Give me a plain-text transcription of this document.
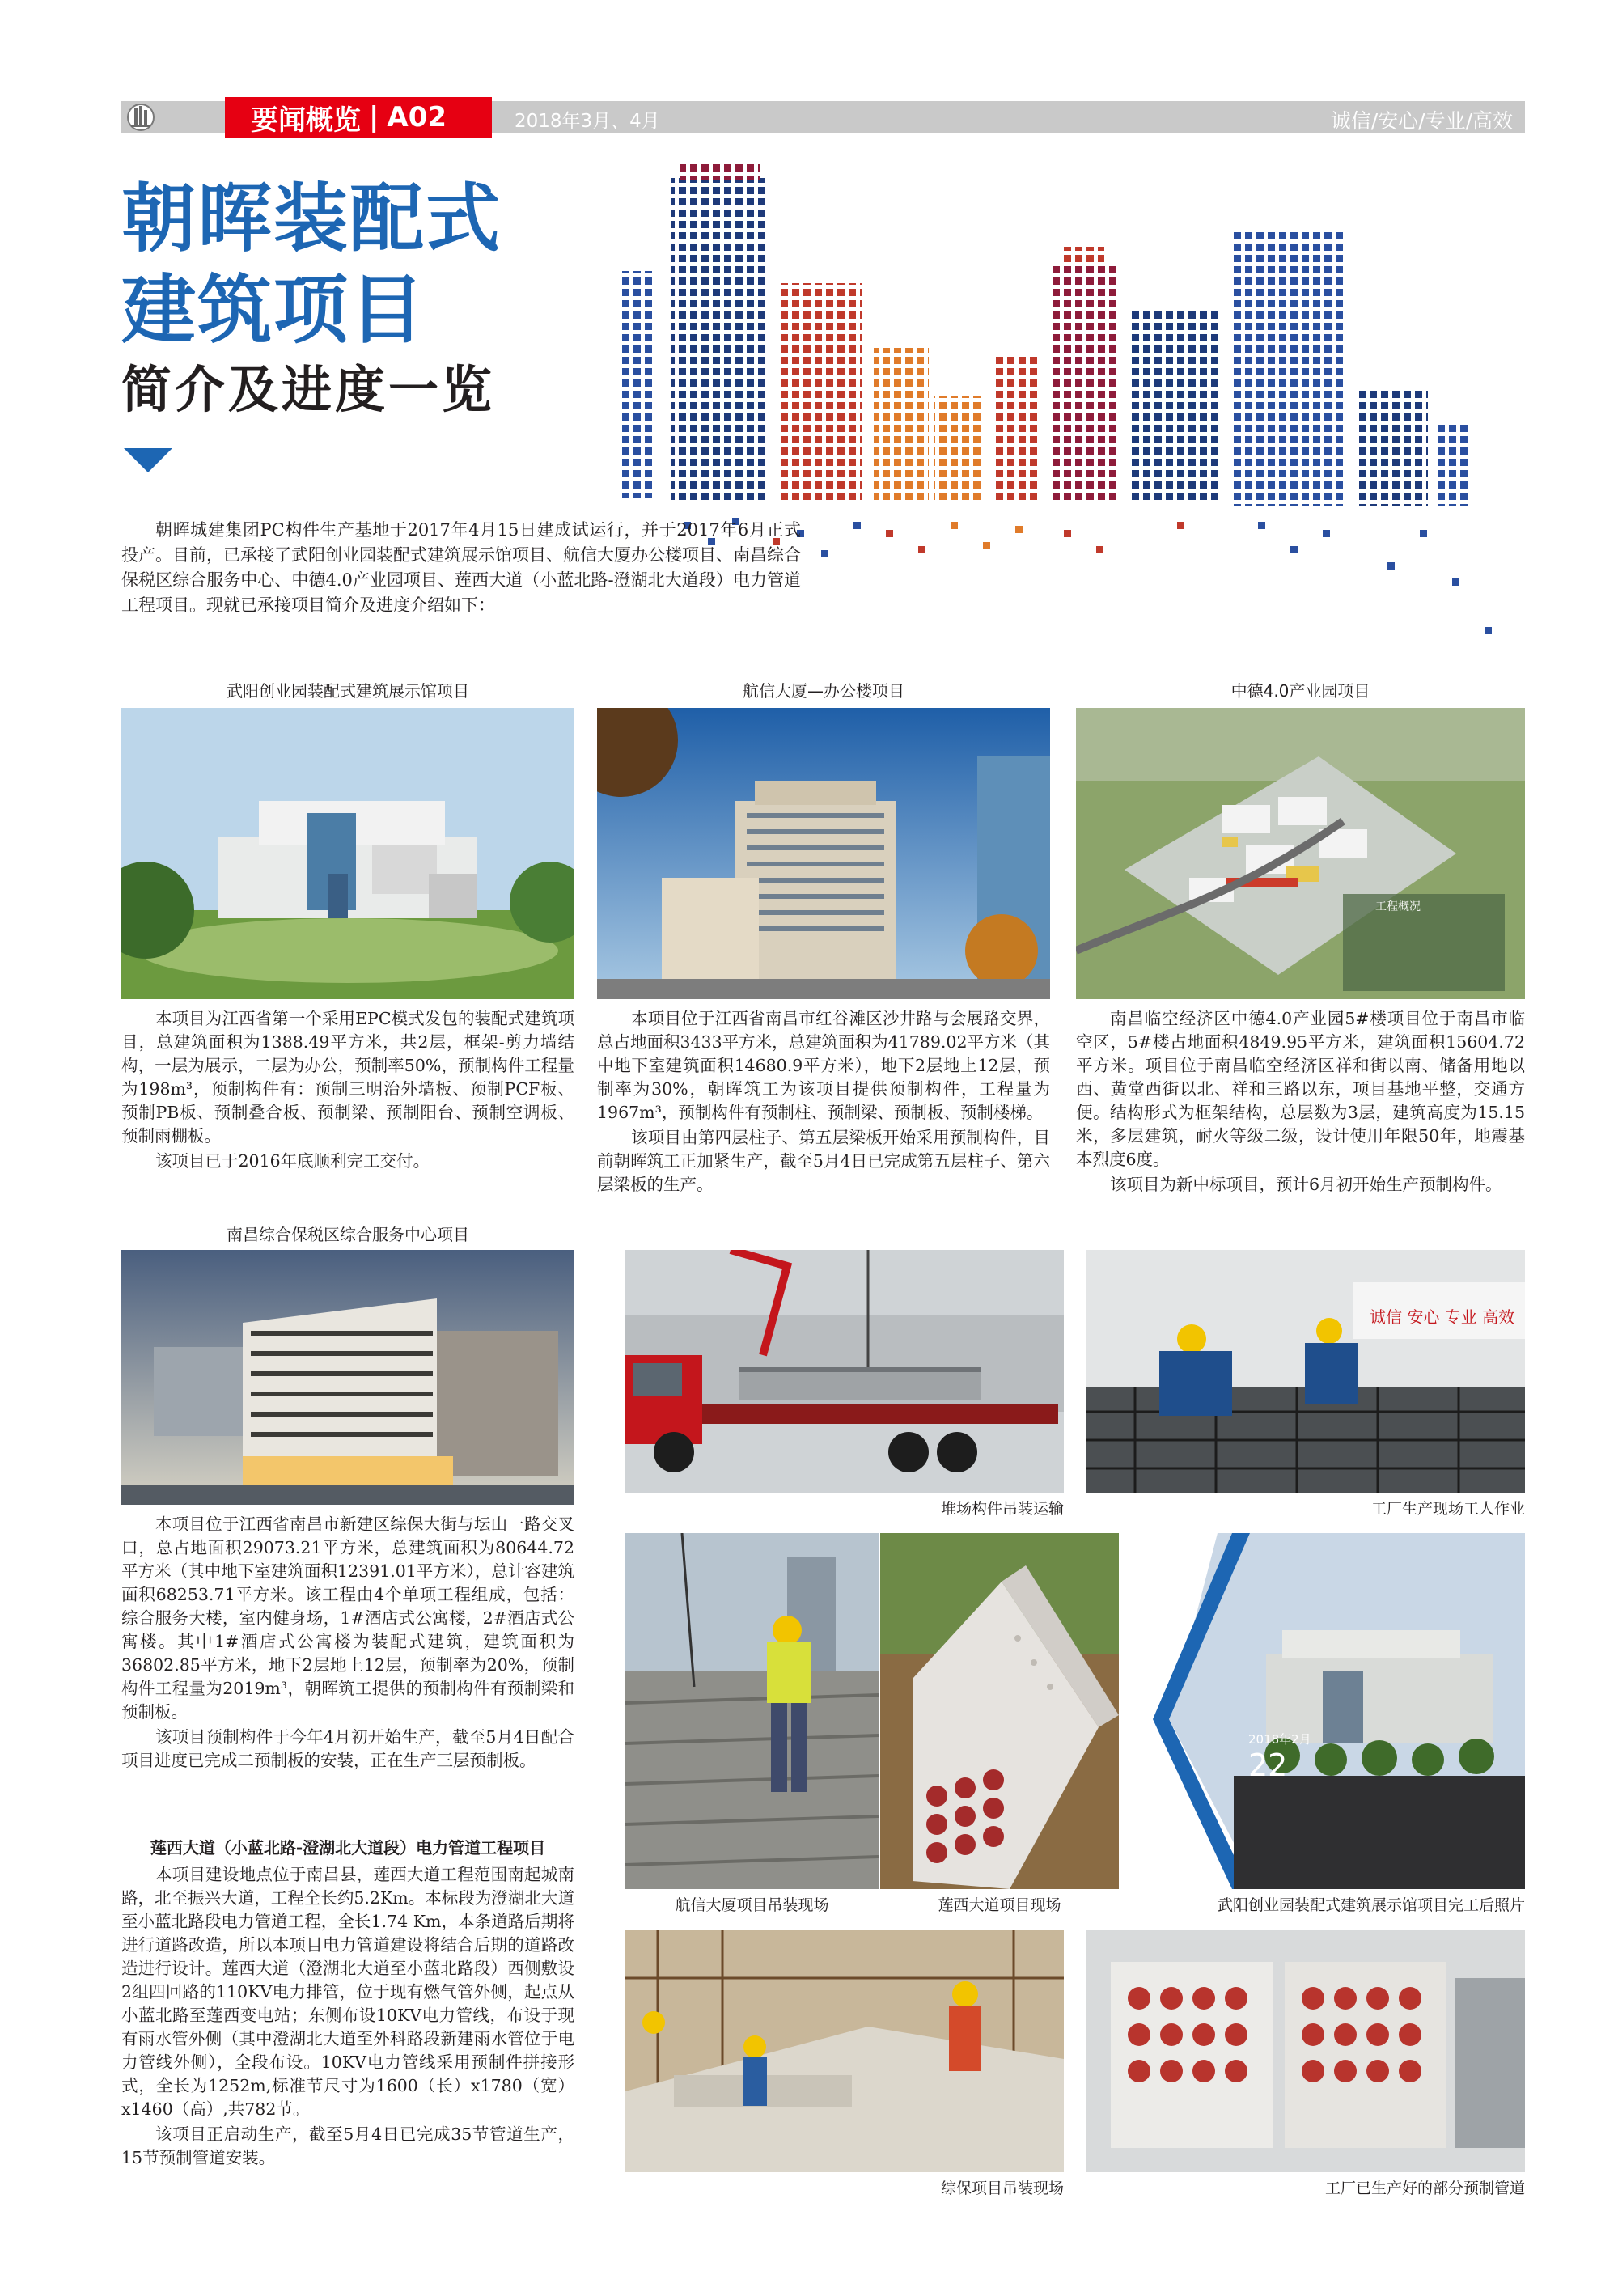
要闻概览 | A02	2018年3月、4月	诚信/安心/专业/高效
朝晖装配式
建筑项目
简介及进度一览

朝晖城建集团PC构件生产基地于2017年4月15日建成试运行，并于2017年6月正式投产。目前，已承接了武阳创业园装配式建筑展示馆项目、航信大厦办公楼项目、南昌综合保税区综合服务中心、中德4.0产业园项目、莲西大道（小蓝北路-澄湖北大道段）电力管道工程项目。现就已承接项目简介及进度介绍如下：

武阳创业园装配式建筑展示馆项目	航信大厦—办公楼项目	中德4.0产业园项目
工程概况

本项目为江西省第一个采用EPC模式发包的装配式建筑项目，总建筑面积为1388.49平方米，共2层，框架-剪力墙结构，一层为展示，二层为办公，预制率50%，预制构件工程量为198m³，预制构件有：预制三明治外墙板、预制PCF板、预制PB板、预制叠合板、预制梁、预制阳台、预制空调板、预制雨棚板。

该项目已于2016年底顺利完工交付。

本项目位于江西省南昌市红谷滩区沙井路与会展路交界，总占地面积3433平方米，总建筑面积为41789.02平方米（其中地下室建筑面积14680.9平方米），地下2层地上12层，预制率为30%，朝晖筑工为该项目提供预制构件，工程量为1967m³，预制构件有预制柱、预制梁、预制板、预制楼梯。

该项目由第四层柱子、第五层梁板开始采用预制构件，目前朝晖筑工正加紧生产，截至5月4日已完成第五层柱子、第六层梁板的生产。

南昌临空经济区中德4.0产业园5#楼项目位于南昌市临空区，5#楼占地面积4849.95平方米，建筑面积15604.72平方米。项目位于南昌临空经济区祥和街以南、储备用地以西、黄堂西街以北、祥和三路以东，项目基地平整，交通方便。结构形式为框架结构，总层数为3层，建筑高度为15.15米，多层建筑，耐火等级二级，设计使用年限50年，地震基本烈度6度。

该项目为新中标项目，预计6月初开始生产预制构件。

南昌综合保税区综合服务中心项目

本项目位于江西省南昌市新建区综保大街与坛山一路交叉口，总占地面积29073.21平方米，总建筑面积为80644.72平方米（其中地下室建筑面积12391.01平方米），总计容建筑面积68253.71平方米。该工程由4个单项工程组成，包括：综合服务大楼，室内健身场，1#酒店式公寓楼，2#酒店式公寓楼。其中1#酒店式公寓楼为装配式建筑，建筑面积为36802.85平方米，地下2层地上12层，预制率为20%，预制构件工程量为2019m³，朝晖筑工提供的预制构件有预制梁和预制板。

该项目预制构件于今年4月初开始生产，截至5月4日配合项目进度已完成二预制板的安装，正在生产三层预制板。

莲西大道（小蓝北路-澄湖北大道段）电力管道工程项目

本项目建设地点位于南昌县，莲西大道工程范围南起城南路，北至振兴大道，工程全长约5.2Km。本标段为澄湖北大道至小蓝北路段电力管道工程，全长1.74 Km，本条道路后期将进行道路改造，所以本项目电力管道建设将结合后期的道路改造进行设计。莲西大道（澄湖北大道至小蓝北路段）西侧敷设2组四回路的110KV电力排管，位于现有燃气管外侧，起点从小蓝北路至莲西变电站；东侧布设10KV电力管线，布设于现有雨水管外侧（其中澄湖北大道至外科路段新建雨水管位于电力管线外侧），全段布设。10KV电力管线采用预制件拼接形式，全长为1252m,标准节尺寸为1600（长）x1780（宽）x1460（高）,共782节。

该项目正启动生产，截至5月4日已完成35节管道生产，15节预制管道安装。

堆场构件吊装运输
诚信 安心 专业 高效
工厂生产现场工人作业
航信大厦项目吊装现场	莲西大道项目现场
2018年2月
22
武阳创业园装配式建筑展示馆项目完工后照片
综保项目吊装现场	工厂已生产好的部分预制管道
